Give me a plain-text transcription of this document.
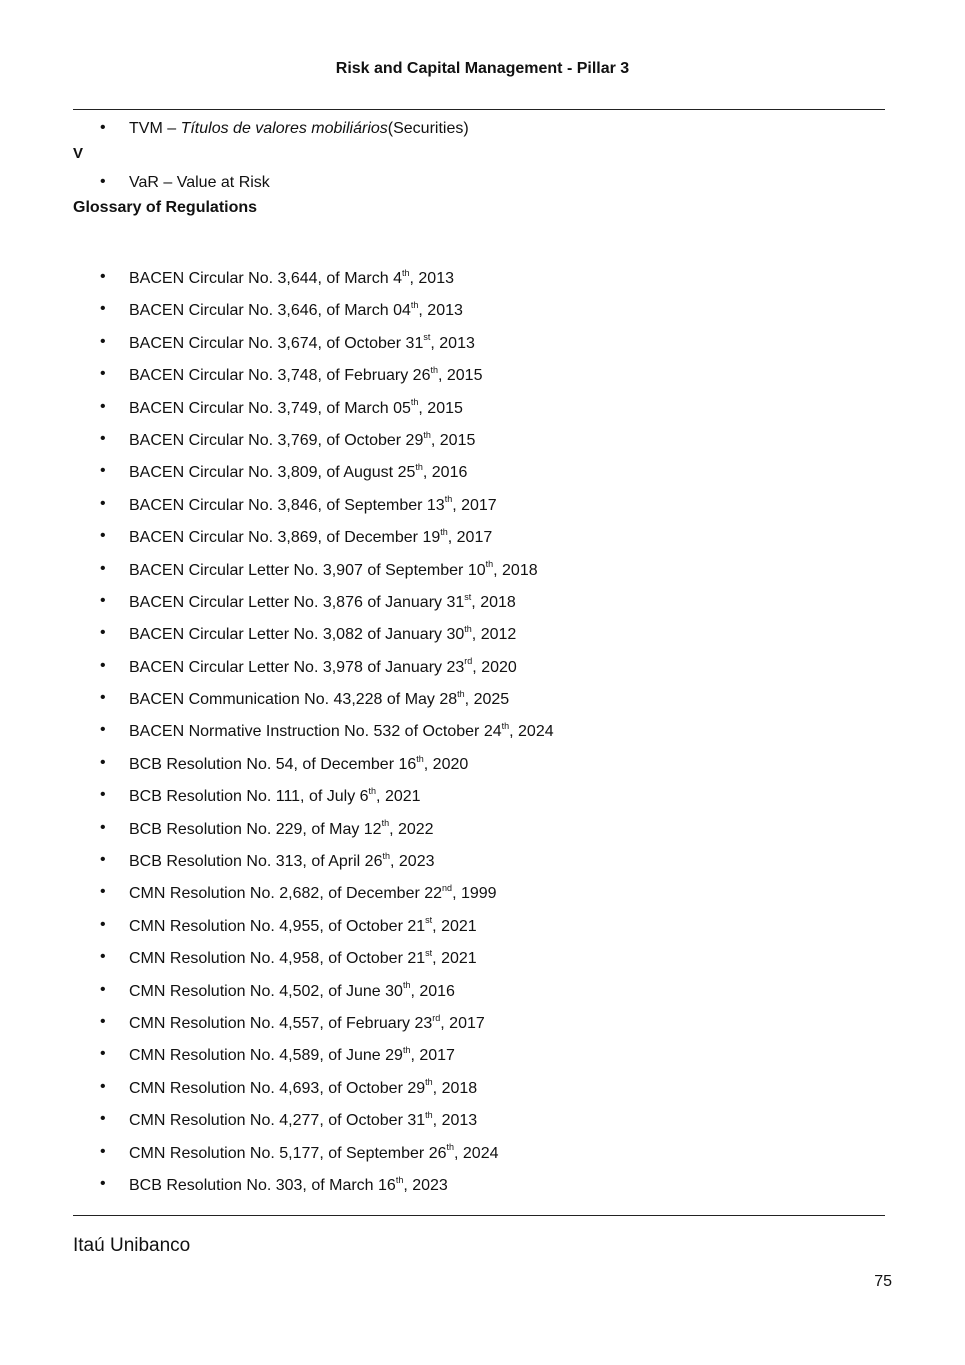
Risk and Capital Management - Pillar 3
• TVM – Títulos de valores mobiliários(Securities)
V
• VaR – Value at Risk
Glossary of Regulations
• BACEN Circular No. 3,644, of March 4th, 2013
• BACEN Circular No. 3,646, of March 04th, 2013
• BACEN Circular No. 3,674, of October 31st, 2013
• BACEN Circular No. 3,748, of February 26th, 2015
• BACEN Circular No. 3,749, of March 05th, 2015
• BACEN Circular No. 3,769, of October 29th, 2015
• BACEN Circular No. 3,809, of August 25th, 2016
• BACEN Circular No. 3,846, of September 13th, 2017
• BACEN Circular No. 3,869, of December 19th, 2017
• BACEN Circular Letter No. 3,907 of September 10th, 2018
• BACEN Circular Letter No. 3,876 of January 31st, 2018
• BACEN Circular Letter No. 3,082 of January 30th, 2012
• BACEN Circular Letter No. 3,978 of January 23rd, 2020
• BACEN Communication No. 43,228 of May 28th, 2025
• BACEN Normative Instruction No. 532 of October 24th, 2024
• BCB Resolution No. 54, of December 16th, 2020
• BCB Resolution No. 111, of July 6th, 2021
• BCB Resolution No. 229, of May 12th, 2022
• BCB Resolution No. 313, of April 26th, 2023
• CMN Resolution No. 2,682, of December 22nd, 1999
• CMN Resolution No. 4,955, of October 21st, 2021
• CMN Resolution No. 4,958, of October 21st, 2021
• CMN Resolution No. 4,502, of June 30th, 2016
• CMN Resolution No. 4,557, of February 23rd, 2017
• CMN Resolution No. 4,589, of June 29th, 2017
• CMN Resolution No. 4,693, of October 29th, 2018
• CMN Resolution No. 4,277, of October 31th, 2013
• CMN Resolution No. 5,177, of September 26th, 2024
• BCB Resolution No. 303, of March 16th, 2023
Itaú Unibanco
75
